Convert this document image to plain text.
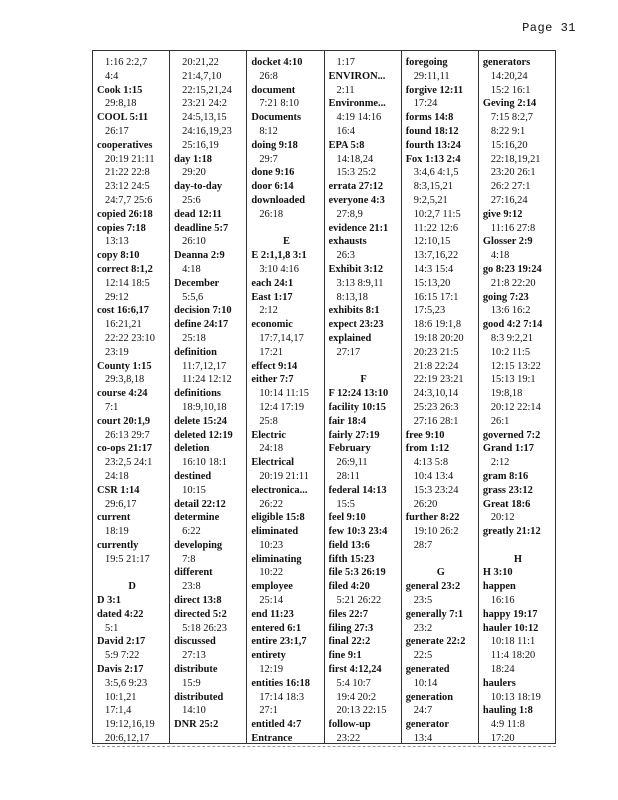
Page 31
1:16 2:2,7
4:4
Cook 1:15
29:8,18
COOL 5:11
26:17
cooperatives
20:19 21:11
21:22 22:8
23:12 24:5
24:7,7 25:6
copied 26:18
copies 7:18
13:13
copy 8:10
correct 8:1,2
12:14 18:5
29:12
cost 16:6,17
16:21,21
22:22 23:10
23:19
County 1:15
29:3,8,18
course 4:24
7:1
court 20:1,9
26:13 29:7
co-ops 21:17
23:2,5 24:1
24:18
CSR 1:14
29:6,17
current
18:19
currently
19:5 21:17
D
D 3:1
dated 4:22
5:1
David 2:17
5:9 7:22
Davis 2:17
3:5,6 9:23
10:1,21
17:1,4
19:12,16,19
20:6,12,17
20:21,22
21:4,7,10
22:15,21,24
23:21 24:2
24:5,13,15
24:16,19,23
25:16,19
day 1:18
29:20
day-to-day
25:6
dead 12:11
deadline 5:7
26:10
Deanna 2:9
4:18
December
5:5,6
decision 7:10
define 24:17
25:18
definition
11:7,12,17
11:24 12:12
definitions
18:9,10,18
delete 15:24
deleted 12:19
deletion
16:10 18:1
destined
10:15
detail 22:12
determine
6:22
developing
7:8
different
23:8
direct 13:8
directed 5:2
5:18 26:23
discussed
27:13
distribute
15:9
distributed
14:10
DNR 25:2
docket 4:10
26:8
document
7:21 8:10
Documents
8:12
doing 9:18
29:7
done 9:16
door 6:14
downloaded
26:18
E
E 2:1,1,8 3:1
3:10 4:16
each 24:1
East 1:17
2:12
economic
17:7,14,17
17:21
effect 9:14
either 7:7
10:14 11:15
12:4 17:19
25:8
Electric
24:18
Electrical
20:19 21:11
electronica...
26:22
eligible 15:8
eliminated
10:23
eliminating
10:22
employee
25:14
end 11:23
entered 6:1
entire 23:1,7
entirety
12:19
entities 16:18
17:14 18:3
27:1
entitled 4:7
Entrance
1:17
ENVIRON...
2:11
Environme...
4:19 14:16
16:4
EPA 5:8
14:18,24
15:3 25:2
errata 27:12
everyone 4:3
27:8,9
evidence 21:1
exhausts
26:3
Exhibit 3:12
3:13 8:9,11
8:13,18
exhibits 8:1
expect 23:23
explained
27:17
F
F 12:24 13:10
facility 10:15
fair 18:4
fairly 27:19
February
26:9,11
28:11
federal 14:13
15:5
feel 9:10
few 10:3 23:4
field 13:6
fifth 15:23
file 5:3 26:19
filed 4:20
5:21 26:22
files 22:7
filing 27:3
final 22:2
fine 9:1
first 4:12,24
5:4 10:7
19:4 20:2
20:13 22:15
follow-up
23:22
foregoing
29:11,11
forgive 12:11
17:24
forms 14:8
found 18:12
fourth 13:24
Fox 1:13 2:4
3:4,6 4:1,5
8:3,15,21
9:2,5,21
10:2,7 11:5
11:22 12:6
12:10,15
13:7,16,22
14:3 15:4
15:13,20
16:15 17:1
17:5,23
18:6 19:1,8
19:18 20:20
20:23 21:5
21:8 22:24
22:19 23:21
24:3,10,14
25:23 26:3
27:16 28:1
free 9:10
from 1:12
4:13 5:8
10:4 13:4
15:3 23:24
26:20
further 8:22
19:10 26:2
28:7
G
general 23:2
23:5
generally 7:1
23:2
generate 22:2
22:5
generated
10:14
generation
24:7
generator
13:4
generators
14:20,24
15:2 16:1
Geving 2:14
7:15 8:2,7
8:22 9:1
15:16,20
22:18,19,21
23:20 26:1
26:2 27:1
27:16,24
give 9:12
11:16 27:8
Glosser 2:9
4:18
go 8:23 19:24
21:8 22:20
going 7:23
13:6 16:2
good 4:2 7:14
8:3 9:2,21
10:2 11:5
12:15 13:22
15:13 19:1
19:8,18
20:12 22:14
26:1
governed 7:2
Grand 1:17
2:12
gram 8:16
grass 23:12
Great 18:6
20:12
greatly 21:12
H
H 3:10
happen
16:16
happy 19:17
hauler 10:12
10:18 11:1
11:4 18:20
18:24
haulers
10:13 18:19
hauling 1:8
4:9 11:8
17:20
